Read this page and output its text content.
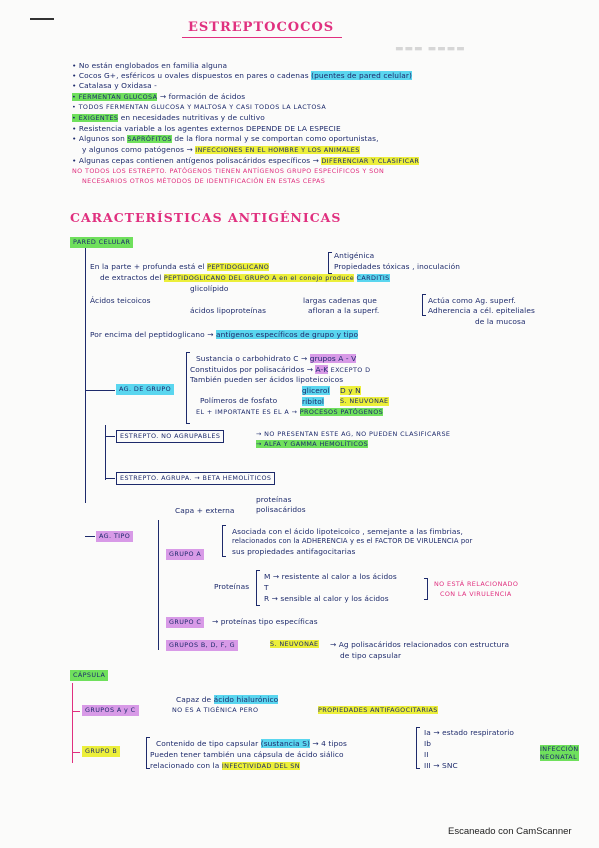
▬▬▬ ▬▬▬▬
ESTREPTOCOCOS
• No están englobados en familia alguna
• Cocos G+, esféricos u ovales dispuestos en pares o cadenas (puentes de pared celular)
• Catalasa y Oxidasa -
• FERMENTAN GLUCOSA → formación de ácidos
• TODOS FERMENTAN GLUCOSA Y MALTOSA Y CASI TODOS LA LACTOSA
• EXIGENTES en necesidades nutritivas y de cultivo
• Resistencia variable a los agentes externos DEPENDE DE LA ESPECIE
• Algunos son SAPRÓFITOS de la flora normal y se comportan como oportunistas,
y algunos como patógenos → INFECCIONES EN EL HOMBRE Y LOS ANIMALES
• Algunas cepas contienen antígenos polisacáridos específicos → DIFERENCIAR Y CLASIFICAR
NO TODOS LOS ESTREPTO. PATÓGENOS TIENEN ANTÍGENOS GRUPO ESPECÍFICOS Y SON
NECESARIOS OTROS MÉTODOS DE IDENTIFICACIÓN EN ESTAS CEPAS
CARACTERÍSTICAS ANTIGÉNICAS
PARED CELULAR
En la parte + profunda está el PEPTIDOGLICANO
Antigénica
Propiedades tóxicas , inoculación
de extractos del PEPTIDOGLICANO DEL GRUPO A en el conejo produce CARDITIS
glicolípido
Ácidos teicoicos
ácidos lipoproteínas
largas cadenas que
afloran a la superf.
Actúa como Ag. superf.
Adherencia a cél. epiteliales
de la mucosa
Por encima del peptidoglicano → antígenos específicos de grupo y tipo
AG. DE GRUPO
Sustancia o carbohidrato C → grupos A - V
Constituidos por polisacáridos → A-K EXCEPTO D
También pueden ser ácidos lipoteicoicos
glicerol D y N
Polímeros de fosfato	ribitol S. NEUVONAE
EL + IMPORTANTE ES EL A → PROCESOS PATÓGENOS
ESTREPTO. NO AGRUPABLES	→ NO PRESENTAN ESTE AG, NO PUEDEN CLASIFICARSE
→ ALFA Y GAMMA HEMOLÍTICOS
ESTREPTO. AGRUPA. → BETA HEMOLÍTICOS
proteínas
Capa + externa	polisacáridos
AG. TIPO
GRUPO A
Asociada con el ácido lipoteicoico , semejante a las fimbrias,
relacionados con la ADHERENCIA y es el FACTOR DE VIRULENCIA por
sus propiedades antifagocitarias
Proteínas
M → resistente al calor a los ácidos
T
R → sensible al calor y los ácidos
NO ESTÁ RELACIONADO
CON LA VIRULENCIA
GRUPO C	→ proteínas tipo específicas
GRUPOS B, D, F, G	S. NEUVONAE → Ag polisacáridos relacionados con estructura
de tipo capsular
CÁPSULA
Capaz de ácido hialurónico
GRUPOS A y C	NO ES A TIGÉNICA PERO	PROPIEDADES ANTIFAGOCITARIAS
GRUPO B
Contenido de tipo capsular (sustancia S) → 4 tipos
Pueden tener también una cápsula de ácido siálico
relacionado con la INFECTIVIDAD DEL SN
Ia → estado respiratorio
Ib
II
III → SNC
INFECCIÓN
NEONATAL
Escaneado con CamScanner
